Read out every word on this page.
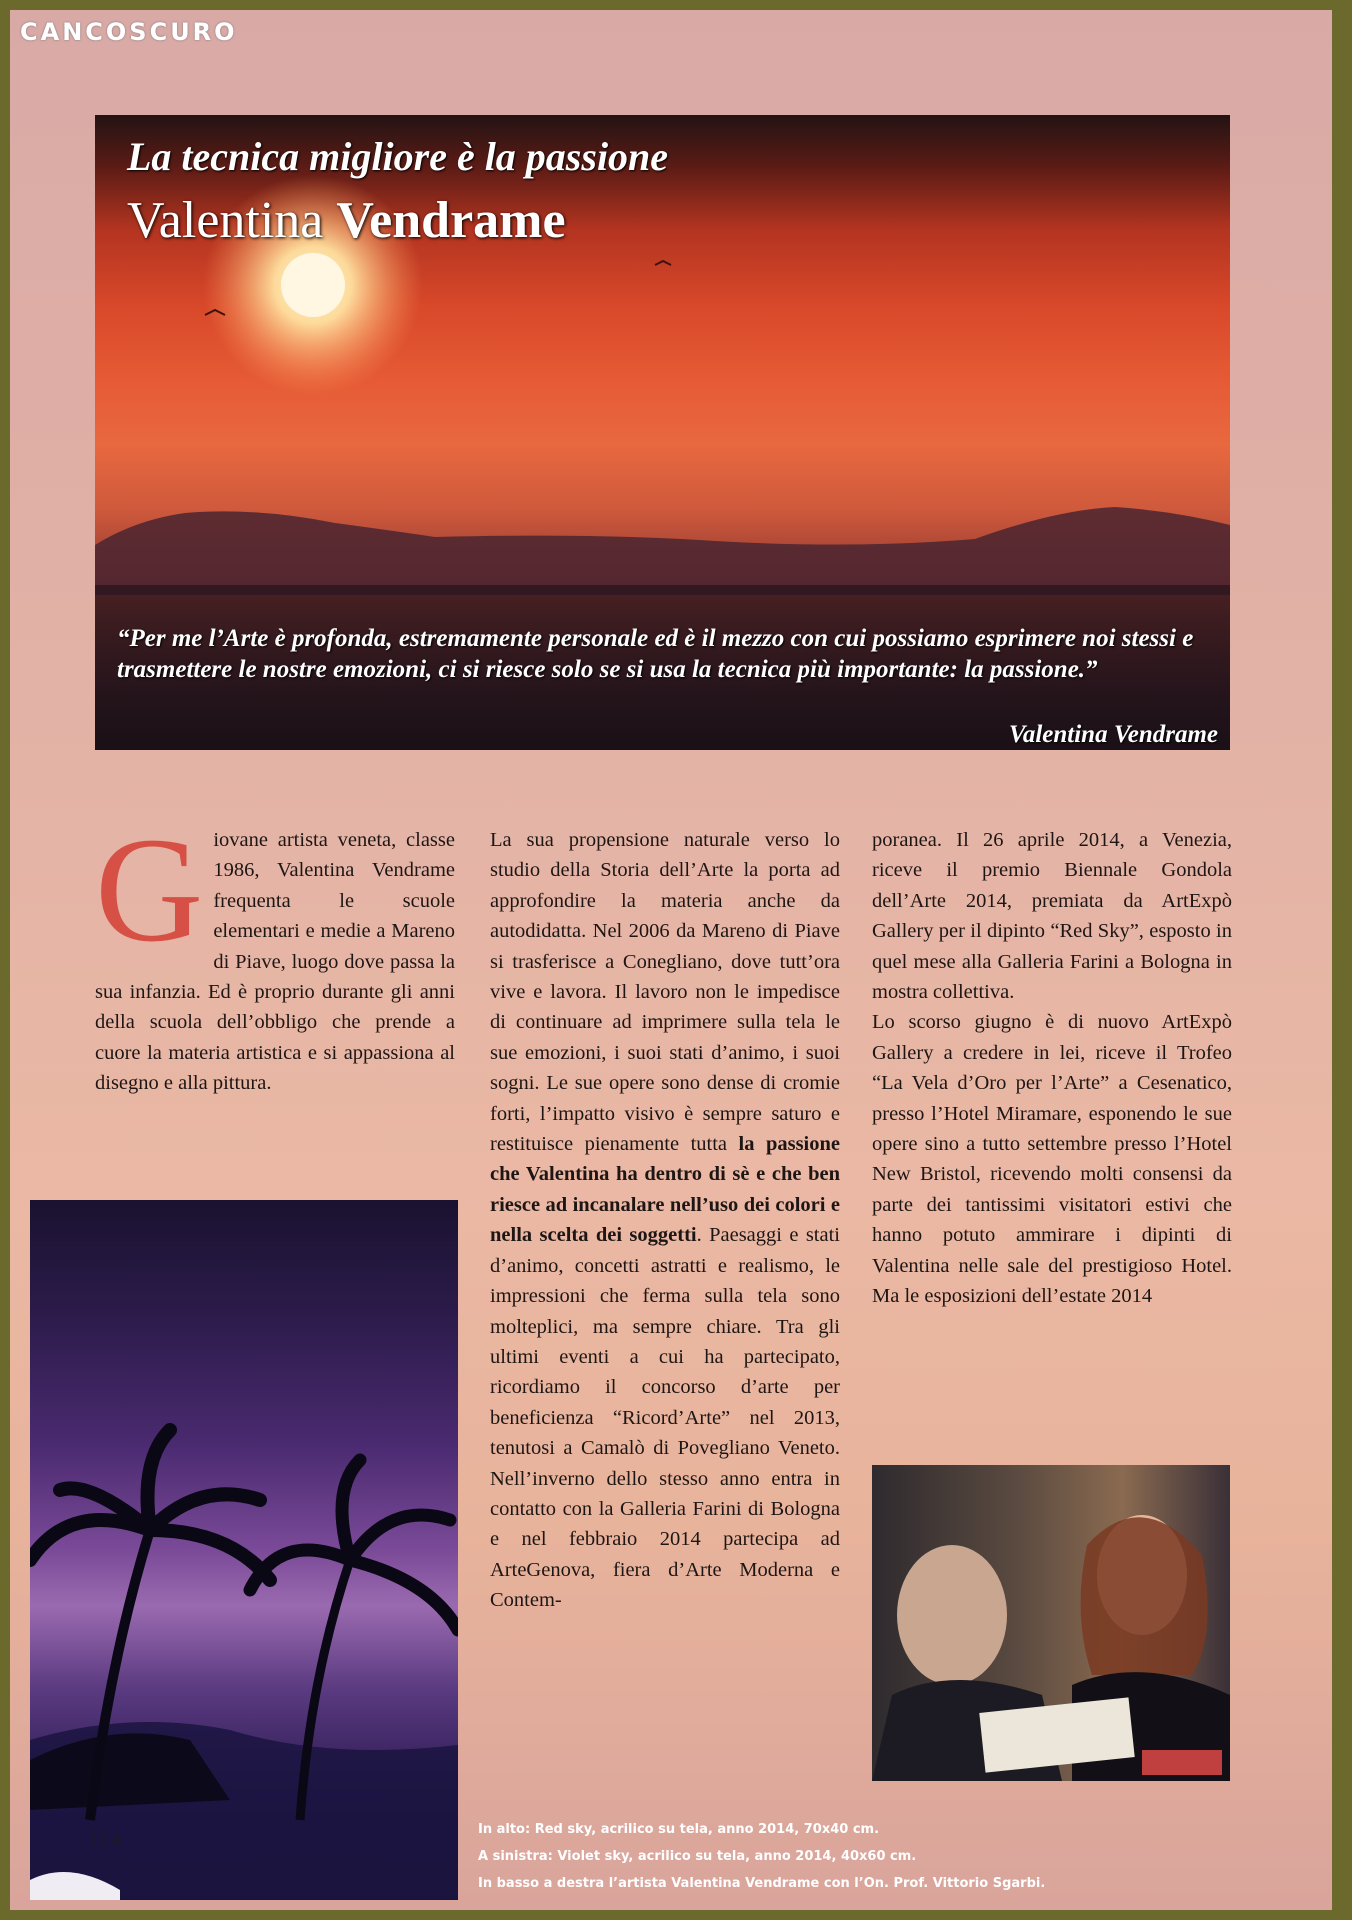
CANCOSCURO
La tecnica migliore è la passione
Valentina Vendrame

“Per me l’Arte è profonda, estremamente personale ed è il mezzo con cui possiamo esprimere noi stessi e trasmettere le nostre emozioni, ci si riesce solo se si usa la tecnica più importante: la passione.”

Valentina Vendrame

G iovane artista veneta, classe 1986, Valentina Vendrame frequenta le scuole elementari e medie a Mareno di Piave, luogo dove passa la sua infanzia. Ed è proprio durante gli anni della scuola dell’obbligo che prende a cuore la materia artistica e si appassiona al disegno e alla pittura.

La sua propensione naturale verso lo studio della Storia dell’Arte la porta ad approfondire la materia anche da autodidatta. Nel 2006 da Mareno di Piave si trasferisce a Conegliano, dove tutt’ora vive e lavora. Il lavoro non le impedisce di continuare ad imprimere sulla tela le sue emozioni, i suoi stati d’animo, i suoi sogni. Le sue opere sono dense di cromie forti, l’impatto visivo è sempre saturo e restituisce pienamente tutta la passione che Valentina ha dentro di sè e che ben riesce ad incanalare nell’uso dei colori e nella scelta dei soggetti. Paesaggi e stati d’animo, concetti astratti e realismo, le impressioni che ferma sulla tela sono molteplici, ma sempre chiare. Tra gli ultimi eventi a cui ha partecipato, ricordiamo il concorso d’arte per beneficienza “Ricord’Arte” nel 2013, tenutosi a Camalò di Povegliano Veneto. Nell’inverno dello stesso anno entra in contatto con la Galleria Farini di Bologna e nel febbraio 2014 partecipa ad ArteGenova, fiera d’Arte Moderna e Contem-

poranea. Il 26 aprile 2014, a Venezia, riceve il premio Biennale Gondola dell’Arte 2014, premiata da ArtExpò Gallery per il dipinto “Red Sky”, esposto in quel mese alla Galleria Farini a Bologna in mostra collettiva.

Lo scorso giugno è di nuovo ArtExpò Gallery a credere in lei, riceve il Trofeo “La Vela d’Oro per l’Arte” a Cesenatico, presso l’Hotel Miramare, esponendo le sue opere sino a tutto settembre presso l’Hotel New Bristol, ricevendo molti consensi da parte dei tantissimi visitatori estivi che hanno potuto ammirare i dipinti di Valentina nelle sale del prestigioso Hotel. Ma le esposizioni dell’estate 2014

In alto: Red sky, acrilico su tela, anno 2014, 70x40 cm.
A sinistra: Violet sky, acrilico su tela, anno 2014, 40x60 cm.
In basso a destra l’artista Valentina Vendrame con l’On. Prof. Vittorio Sgarbi.

114
